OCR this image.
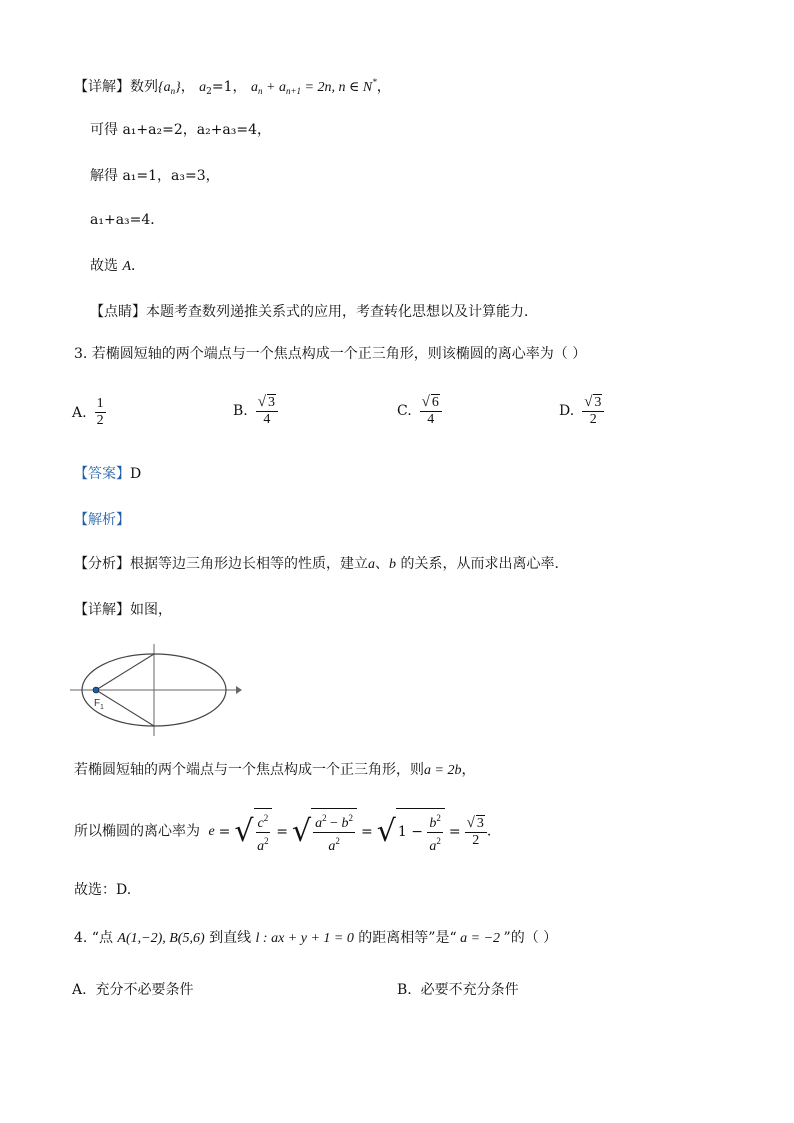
【详解】数列$\{a_n\}$， $a_2=1$， $a_n + a_{n+1} = 2n$, n ∈ N*，
可得 a₁+a₂=2，a₂+a₃=4，
解得 a₁=1，a₃=3，
a₁+a₃=4．
故选 A．
【点睛】本题考查数列递推关系式的应用，考查转化思想以及计算能力．
3. 若椭圆短轴的两个端点与一个焦点构成一个正三角形，则该椭圆的离心率为（ ）
A. $\frac{1}{2}$	B. $\frac{√ 3}{4}$	C. $\frac{√ 6}{4}$	D. $\frac{√ 3}{2}$
【答案】D
【解析】
【分析】根据等边三角形边长相等的性质，建立a、b 的关系，从而求出离心率.
【详解】如图，
F 1
若椭圆短轴的两个端点与一个焦点构成一个正三角形，则a = 2b，
所以椭圆的离心率为 e = √ $\frac{c^2}{a^2}$ = √ $\frac{a^2 - b^2}{a^2}$ = √ $1 - \frac{b^2}{a^2} = \frac{√ 3}{2}$ .
故选：D.
4. “点 A(1,−2), B(5,6) 到直线 l : ax + y + 1 = 0 的距离相等”是“ a = −2 ”的（ ）
A. 充分不必要条件	B. 必要不充分条件
